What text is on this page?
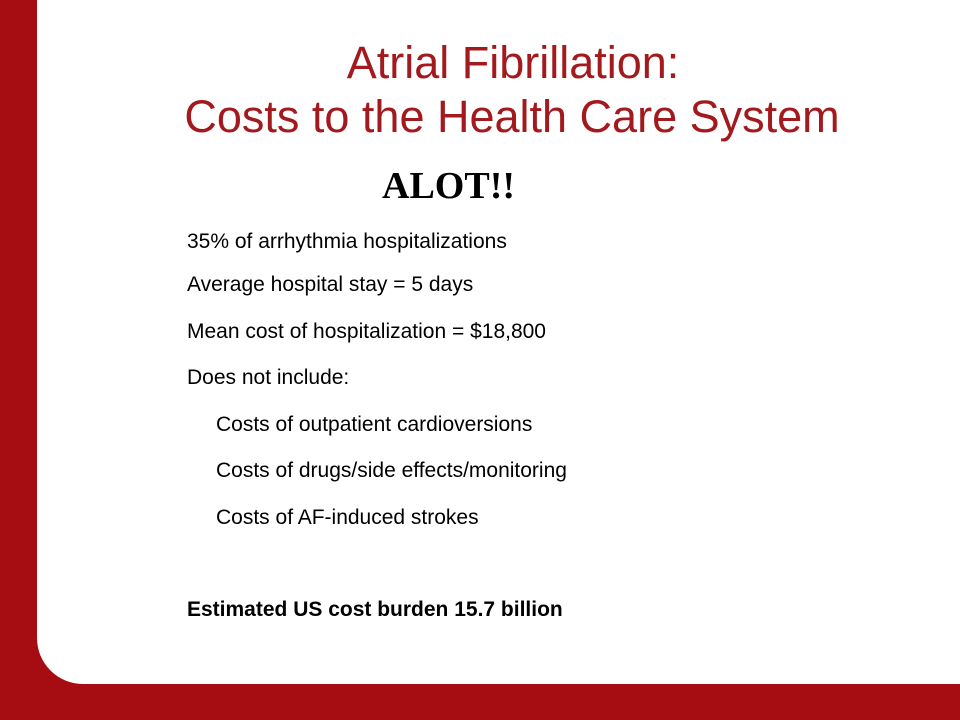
Atrial Fibrillation:
Costs to the Health Care System
ALOT!!
35% of arrhythmia hospitalizations
Average hospital stay = 5 days
Mean cost of hospitalization = $18,800
Does not include:
Costs of outpatient cardioversions
Costs of drugs/side effects/monitoring
Costs of AF-induced strokes
Estimated US cost burden 15.7 billion
